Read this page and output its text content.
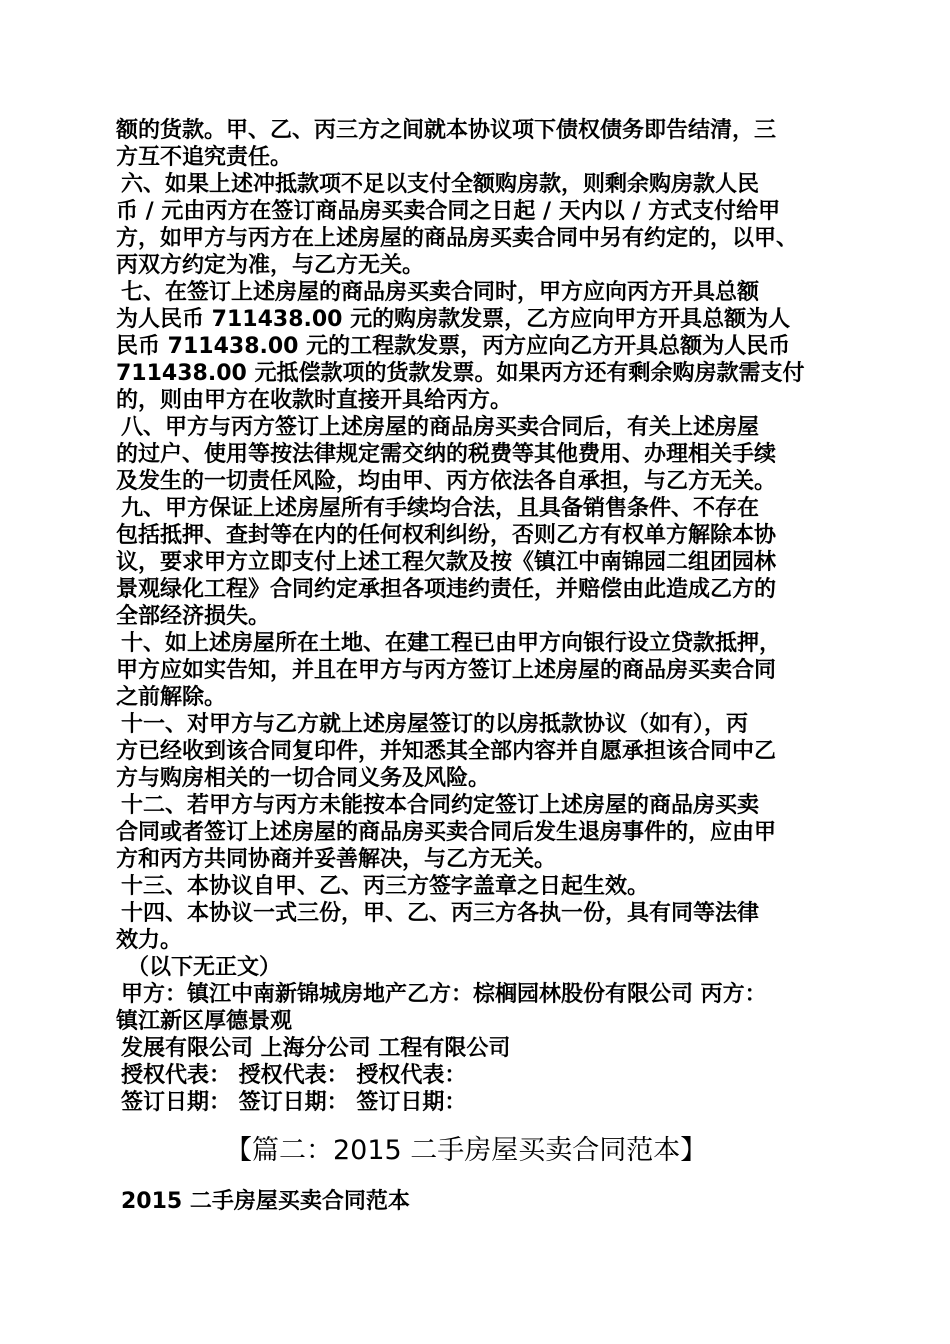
额的货款。甲、乙、丙三方之间就本协议项下债权债务即告结清，三
方互不追究责任。
六、如果上述冲抵款项不足以支付全额购房款，则剩余购房款人民
币 / 元由丙方在签订商品房买卖合同之日起 / 天内以 / 方式支付给甲
方，如甲方与丙方在上述房屋的商品房买卖合同中另有约定的，以甲、
丙双方约定为准，与乙方无关。
七、在签订上述房屋的商品房买卖合同时，甲方应向丙方开具总额
为人民币 711438.00 元的购房款发票，乙方应向甲方开具总额为人
民币 711438.00 元的工程款发票，丙方应向乙方开具总额为人民币
711438.00 元抵偿款项的货款发票。如果丙方还有剩余购房款需支付
的，则由甲方在收款时直接开具给丙方。
八、甲方与丙方签订上述房屋的商品房买卖合同后，有关上述房屋
的过户、使用等按法律规定需交纳的税费等其他费用、办理相关手续
及发生的一切责任风险，均由甲、丙方依法各自承担，与乙方无关。
九、甲方保证上述房屋所有手续均合法，且具备销售条件、不存在
包括抵押、查封等在内的任何权利纠纷，否则乙方有权单方解除本协
议，要求甲方立即支付上述工程欠款及按《镇江中南锦园二组团园林
景观绿化工程》合同约定承担各项违约责任，并赔偿由此造成乙方的
全部经济损失。
十、如上述房屋所在土地、在建工程已由甲方向银行设立贷款抵押，
甲方应如实告知，并且在甲方与丙方签订上述房屋的商品房买卖合同
之前解除。
十一、对甲方与乙方就上述房屋签订的以房抵款协议（如有），丙
方已经收到该合同复印件，并知悉其全部内容并自愿承担该合同中乙
方与购房相关的一切合同义务及风险。
十二、若甲方与丙方未能按本合同约定签订上述房屋的商品房买卖
合同或者签订上述房屋的商品房买卖合同后发生退房事件的，应由甲
方和丙方共同协商并妥善解决，与乙方无关。
十三、本协议自甲、乙、丙三方签字盖章之日起生效。
十四、本协议一式三份，甲、乙、丙三方各执一份，具有同等法律
效力。
（以下无正文）
甲方：镇江中南新锦城房地产乙方：棕榈园林股份有限公司 丙方：
镇江新区厚德景观
发展有限公司 上海分公司 工程有限公司
授权代表： 授权代表： 授权代表：
签订日期： 签订日期： 签订日期：
【篇二：2015 二手房屋买卖合同范本】
2015 二手房屋买卖合同范本
